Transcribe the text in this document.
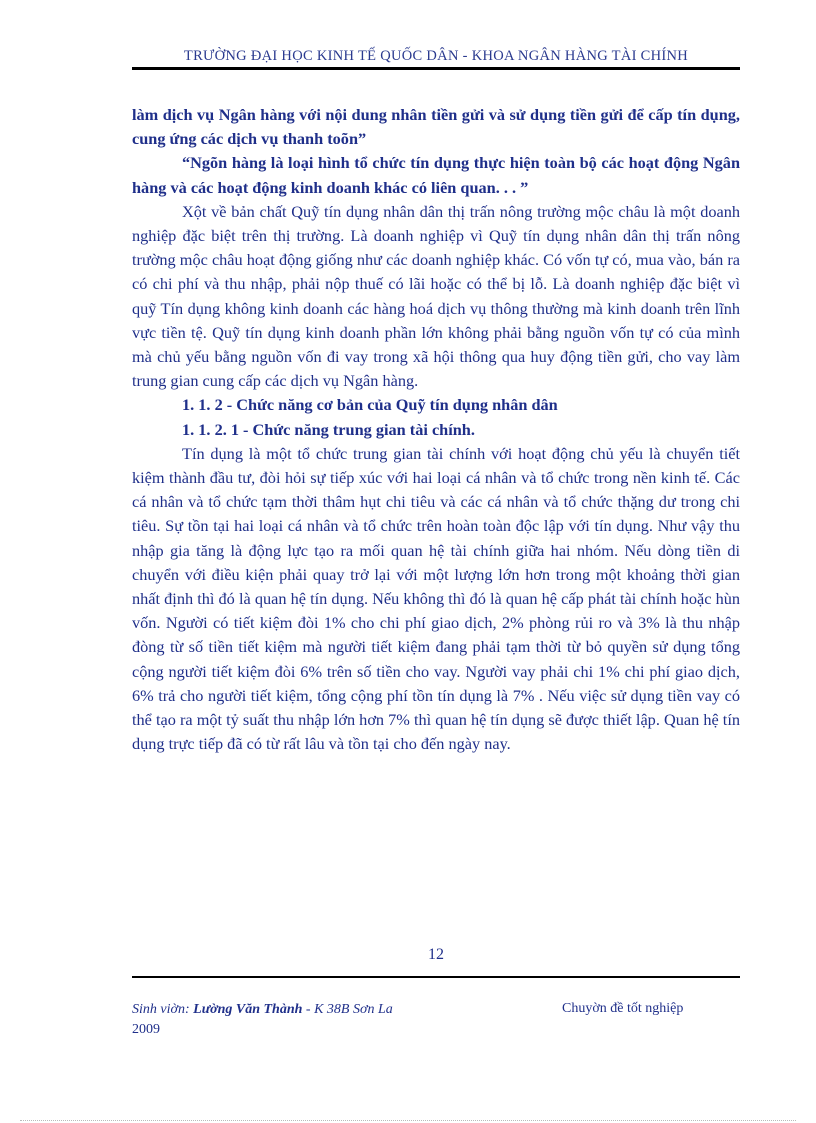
TRƯỜNG ĐẠI HỌC KINH TẾ QUỐC DÂN - KHOA NGÂN HÀNG TÀI CHÍNH

làm dịch vụ Ngân hàng với nội dung nhân tiền gửi và sử dụng tiền gửi để cấp tín dụng, cung ứng các dịch vụ thanh toõn”

“Ngõn hàng là loại hình tổ chức tín dụng thực hiện toàn bộ các hoạt động Ngân hàng và các hoạt động kinh doanh khác có liên quan. . . ”

Xột về bản chất Quỹ tín dụng nhân dân thị trấn nông trường mộc châu là một doanh nghiệp đặc biệt trên thị trường. Là doanh nghiệp vì Quỹ tín dụng nhân dân thị trấn nông trường mộc châu hoạt động giống như các doanh nghiệp khác. Có vốn tự có, mua vào, bán ra có chi phí và thu nhập, phải nộp thuế có lãi hoặc có thể bị lỗ. Là doanh nghiệp đặc biệt vì quỹ Tín dụng không kinh doanh các hàng hoá dịch vụ thông thường mà kinh doanh trên lĩnh vực tiền tệ. Quỹ tín dụng kinh doanh phần lớn không phải bằng nguồn vốn tự có của mình mà chủ yếu bằng nguồn vốn đi vay trong xã hội thông qua huy động tiền gửi, cho vay làm trung gian cung cấp các dịch vụ Ngân hàng.

1. 1. 2 - Chức năng cơ bản của Quỹ tín dụng nhân dân

1. 1. 2. 1 - Chức năng trung gian tài chính.

Tín dụng là một tổ chức trung gian tài chính với hoạt động chủ yếu là chuyển tiết kiệm thành đầu tư, đòi hỏi sự tiếp xúc với hai loại cá nhân và tổ chức trong nền kinh tế. Các cá nhân và tổ chức tạm thời thâm hụt chi tiêu và các cá nhân và tổ chức thặng dư trong chi tiêu. Sự tồn tại hai loại cá nhân và tổ chức trên hoàn toàn độc lập với tín dụng. Như vậy thu nhập gia tăng là động lực tạo ra mối quan hệ tài chính giữa hai nhóm. Nếu dòng tiền di chuyển với điều kiện phải quay trở lại với một lượng lớn hơn trong một khoảng thời gian nhất định thì đó là quan hệ tín dụng. Nếu không thì đó là quan hệ cấp phát tài chính hoặc hùn vốn. Người có tiết kiệm đòi 1% cho chi phí giao dịch, 2% phòng rủi ro và 3% là thu nhập đòng từ số tiền tiết kiệm mà người tiết kiệm đang phải tạm thời từ bỏ quyền sử dụng tổng cộng người tiết kiệm đòi 6% trên số tiền cho vay. Người vay phải chi 1% chi phí giao dịch, 6% trả cho người tiết kiệm, tổng cộng phí tồn tín dụng là 7% . Nếu việc sử dụng tiền vay có thể tạo ra một tỷ suất thu nhập lớn hơn 7% thì quan hệ tín dụng sẽ được thiết lập. Quan hệ tín dụng trực tiếp đã có từ rất lâu và tồn tại cho đến ngày nay.

12
Sinh viờn: Lường Văn Thành - K 38B Sơn La
2009
Chuyờn đề tốt nghiệp
